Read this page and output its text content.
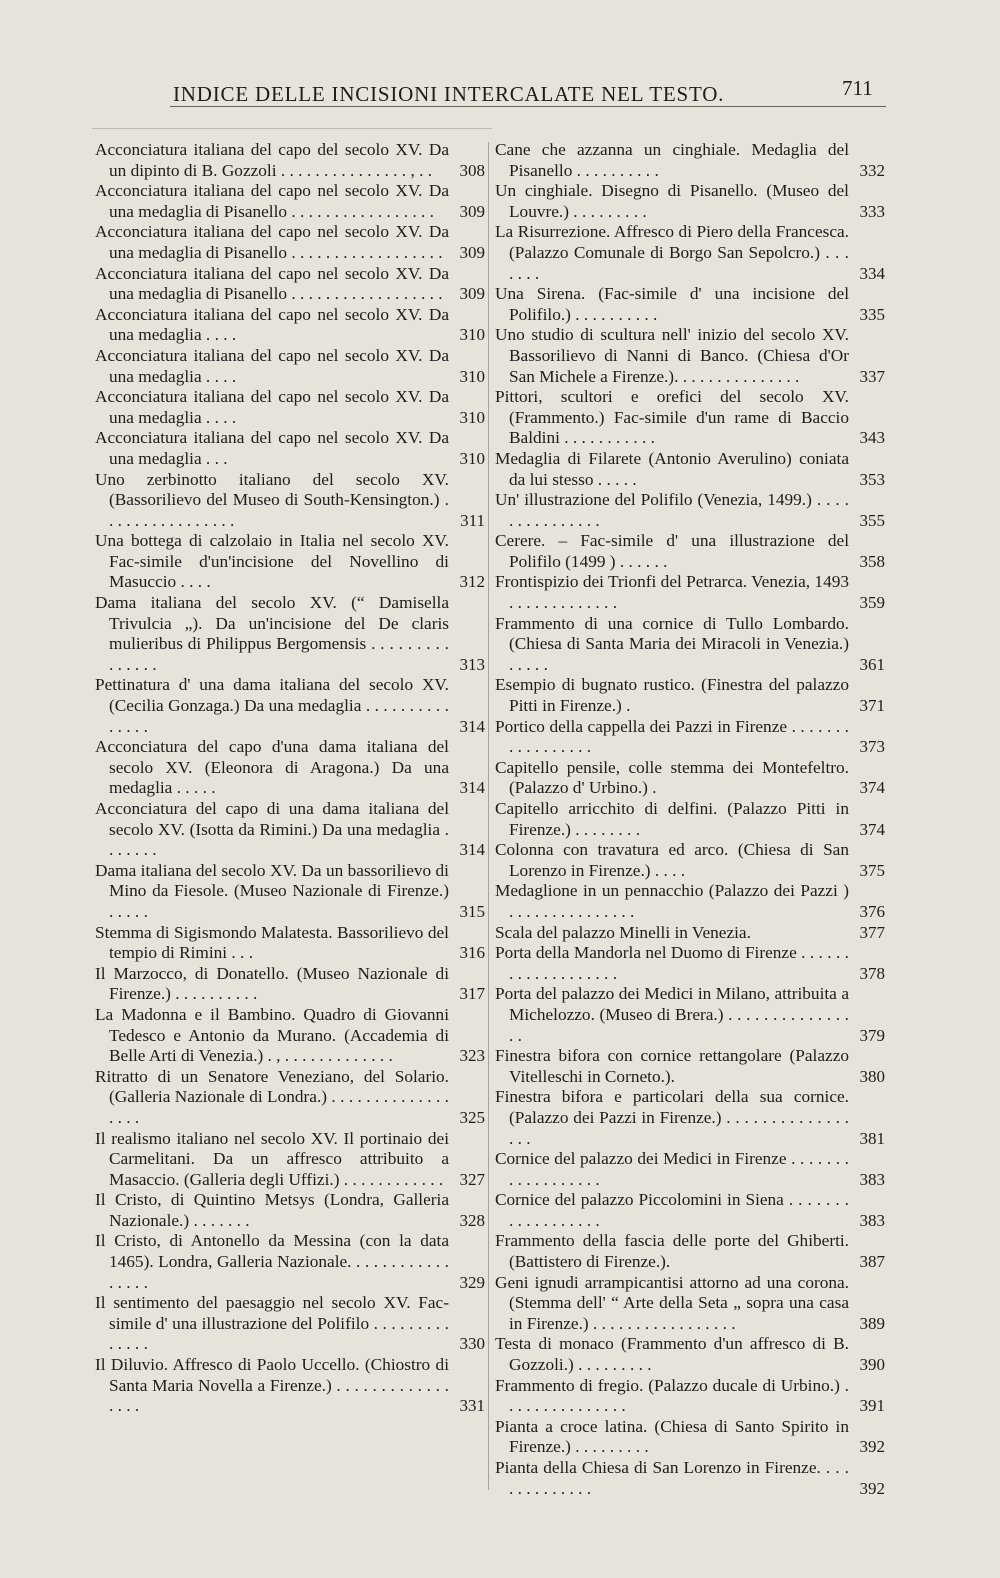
INDICE DELLE INCISIONI INTERCALATE NEL TESTO.	711
Acconciatura italiana del capo del secolo XV. Da un dipinto di B. Gozzoli . . . . . . . . . . . . . . . , . .	308
Acconciatura italiana del capo nel secolo XV. Da una medaglia di Pisanello . . . . . . . . . . . . . . . . .	309
Acconciatura italiana del capo nel secolo XV. Da una medaglia di Pisanello . . . . . . . . . . . . . . . . . . 309
Acconciatura italiana del capo nel secolo XV. Da una medaglia di Pisanello . . . . . . . . . . . . . . . . . . 309
Acconciatura italiana del capo nel secolo XV. Da una medaglia . . . .	310
Acconciatura italiana del capo nel secolo XV. Da una medaglia . . . .	310
Acconciatura italiana del capo nel secolo XV. Da una medaglia . . . .	310
Acconciatura italiana del capo nel secolo XV. Da una medaglia . . .	310
Uno zerbinotto italiano del secolo XV. (Bassorilievo del Museo di South-Kensington.) . . . . . . . . . . . . . . . .	311
Una bottega di calzolaio in Italia nel secolo XV. Fac-simile d'un'incisione del Novellino di Masuccio . . . .	312
Dama italiana del secolo XV. (“ Damisella Trivulcia „). Da un'incisione del De claris mulieribus di Philippus Bergomensis . . . . . . . . . . . . . . .	313
Pettinatura d' una dama italiana del secolo XV. (Cecilia Gonzaga.) Da una medaglia . . . . . . . . . . . . . . .	314
Acconciatura del capo d'una dama italiana del secolo XV. (Eleonora di Aragona.) Da una medaglia . . . . .	314
Acconciatura del capo di una dama italiana del secolo XV. (Isotta da Rimini.) Da una medaglia . . . . . . .	314
Dama italiana del secolo XV. Da un bassorilievo di Mino da Fiesole. (Museo Nazionale di Firenze.) . . . . .	315
Stemma di Sigismondo Malatesta. Bassorilievo del tempio di Rimini . . .	316
Il Marzocco, di Donatello. (Museo Nazionale di Firenze.) . . . . . . . . . .	317
La Madonna e il Bambino. Quadro di Giovanni Tedesco e Antonio da Murano. (Accademia di Belle Arti di Venezia.) . , . . . . . . . . . . . . .	323
Ritratto di un Senatore Veneziano, del Solario. (Galleria Nazionale di Londra.) . . . . . . . . . . . . . . . . . .	325
Il realismo italiano nel secolo XV. Il portinaio dei Carmelitani. Da un affresco attribuito a Masaccio. (Galleria degli Uffizi.) . . . . . . . . . . . . 327
Il Cristo, di Quintino Metsys (Londra, Galleria Nazionale.) . . . . . . .	328
Il Cristo, di Antonello da Messina (con la data 1465). Londra, Galleria Nazionale. . . . . . . . . . . . . . . . .	329
Il sentimento del paesaggio nel secolo XV. Fac-simile d' una illustrazione del Polifilo . . . . . . . . . . . . . .	330
Il Diluvio. Affresco di Paolo Uccello. (Chiostro di Santa Maria Novella a Firenze.) . . . . . . . . . . . . . . . . .	331
Cane che azzanna un cinghiale. Medaglia del Pisanello . . . . . . . . . .	332
Un cinghiale. Disegno di Pisanello. (Museo del Louvre.) . . . . . . . . .	333
La Risurrezione. Affresco di Piero della Francesca. (Palazzo Comunale di Borgo San Sepolcro.) . . . . . . .	334
Una Sirena. (Fac-simile d' una incisione del Polifilo.) . . . . . . . . . .	335
Uno studio di scultura nell' inizio del secolo XV. Bassorilievo di Nanni di Banco. (Chiesa d'Or San Michele a Firenze.). . . . . . . . . . . . . . .	337
Pittori, scultori e orefici del secolo XV. (Frammento.) Fac-simile d'un rame di Baccio Baldini . . . . . . . . . . .	343
Medaglia di Filarete (Antonio Averulino) coniata da lui stesso . . . . .	353
Un' illustrazione del Polifilo (Venezia, 1499.) . . . . . . . . . . . . . . .	355
Cerere. – Fac-simile d' una illustrazione del Polifilo (1499 ) . . . . . .	358
Frontispizio dei Trionfi del Petrarca. Venezia, 1493 . . . . . . . . . . . . .	359
Frammento di una cornice di Tullo Lombardo. (Chiesa di Santa Maria dei Miracoli in Venezia.) . . . . .	361
Esempio di bugnato rustico. (Finestra del palazzo Pitti in Firenze.) .	371
Portico della cappella dei Pazzi in Firenze . . . . . . . . . . . . . . . . .	373
Capitello pensile, colle stemma dei Montefeltro. (Palazzo d' Urbino.) .	374
Capitello arricchito di delfini. (Palazzo Pitti in Firenze.) . . . . . . . .	374
Colonna con travatura ed arco. (Chiesa di San Lorenzo in Firenze.) . . . .	375
Medaglione in un pennacchio (Palazzo dei Pazzi ) . . . . . . . . . . . . . . .	376
Scala del palazzo Minelli in Venezia.	377
Porta della Mandorla nel Duomo di Firenze . . . . . . . . . . . . . . . . . . .	378
Porta del palazzo dei Medici in Milano, attribuita a Michelozzo. (Museo di Brera.) . . . . . . . . . . . . . . . .	379
Finestra bifora con cornice rettangolare (Palazzo Vitelleschi in Corneto.).	380
Finestra bifora e particolari della sua cornice. (Palazzo dei Pazzi in Firenze.) . . . . . . . . . . . . . . . . .	381
Cornice del palazzo dei Medici in Firenze . . . . . . . . . . . . . . . . . .	383
Cornice del palazzo Piccolomini in Siena . . . . . . . . . . . . . . . . . .	383
Frammento della fascia delle porte del Ghiberti. (Battistero di Firenze.).	387
Geni ignudi arrampicantisi attorno ad una corona. (Stemma dell' “ Arte della Seta „ sopra una casa in Firenze.) . . . . . . . . . . . . . . . . .	389
Testa di monaco (Frammento d'un affresco di B. Gozzoli.) . . . . . . . . .	390
Frammento di fregio. (Palazzo ducale di Urbino.) . . . . . . . . . . . . . . .	391
Pianta a croce latina. (Chiesa di Santo Spirito in Firenze.) . . . . . . . . .	392
Pianta della Chiesa di San Lorenzo in Firenze. . . . . . . . . . . . . .	392
